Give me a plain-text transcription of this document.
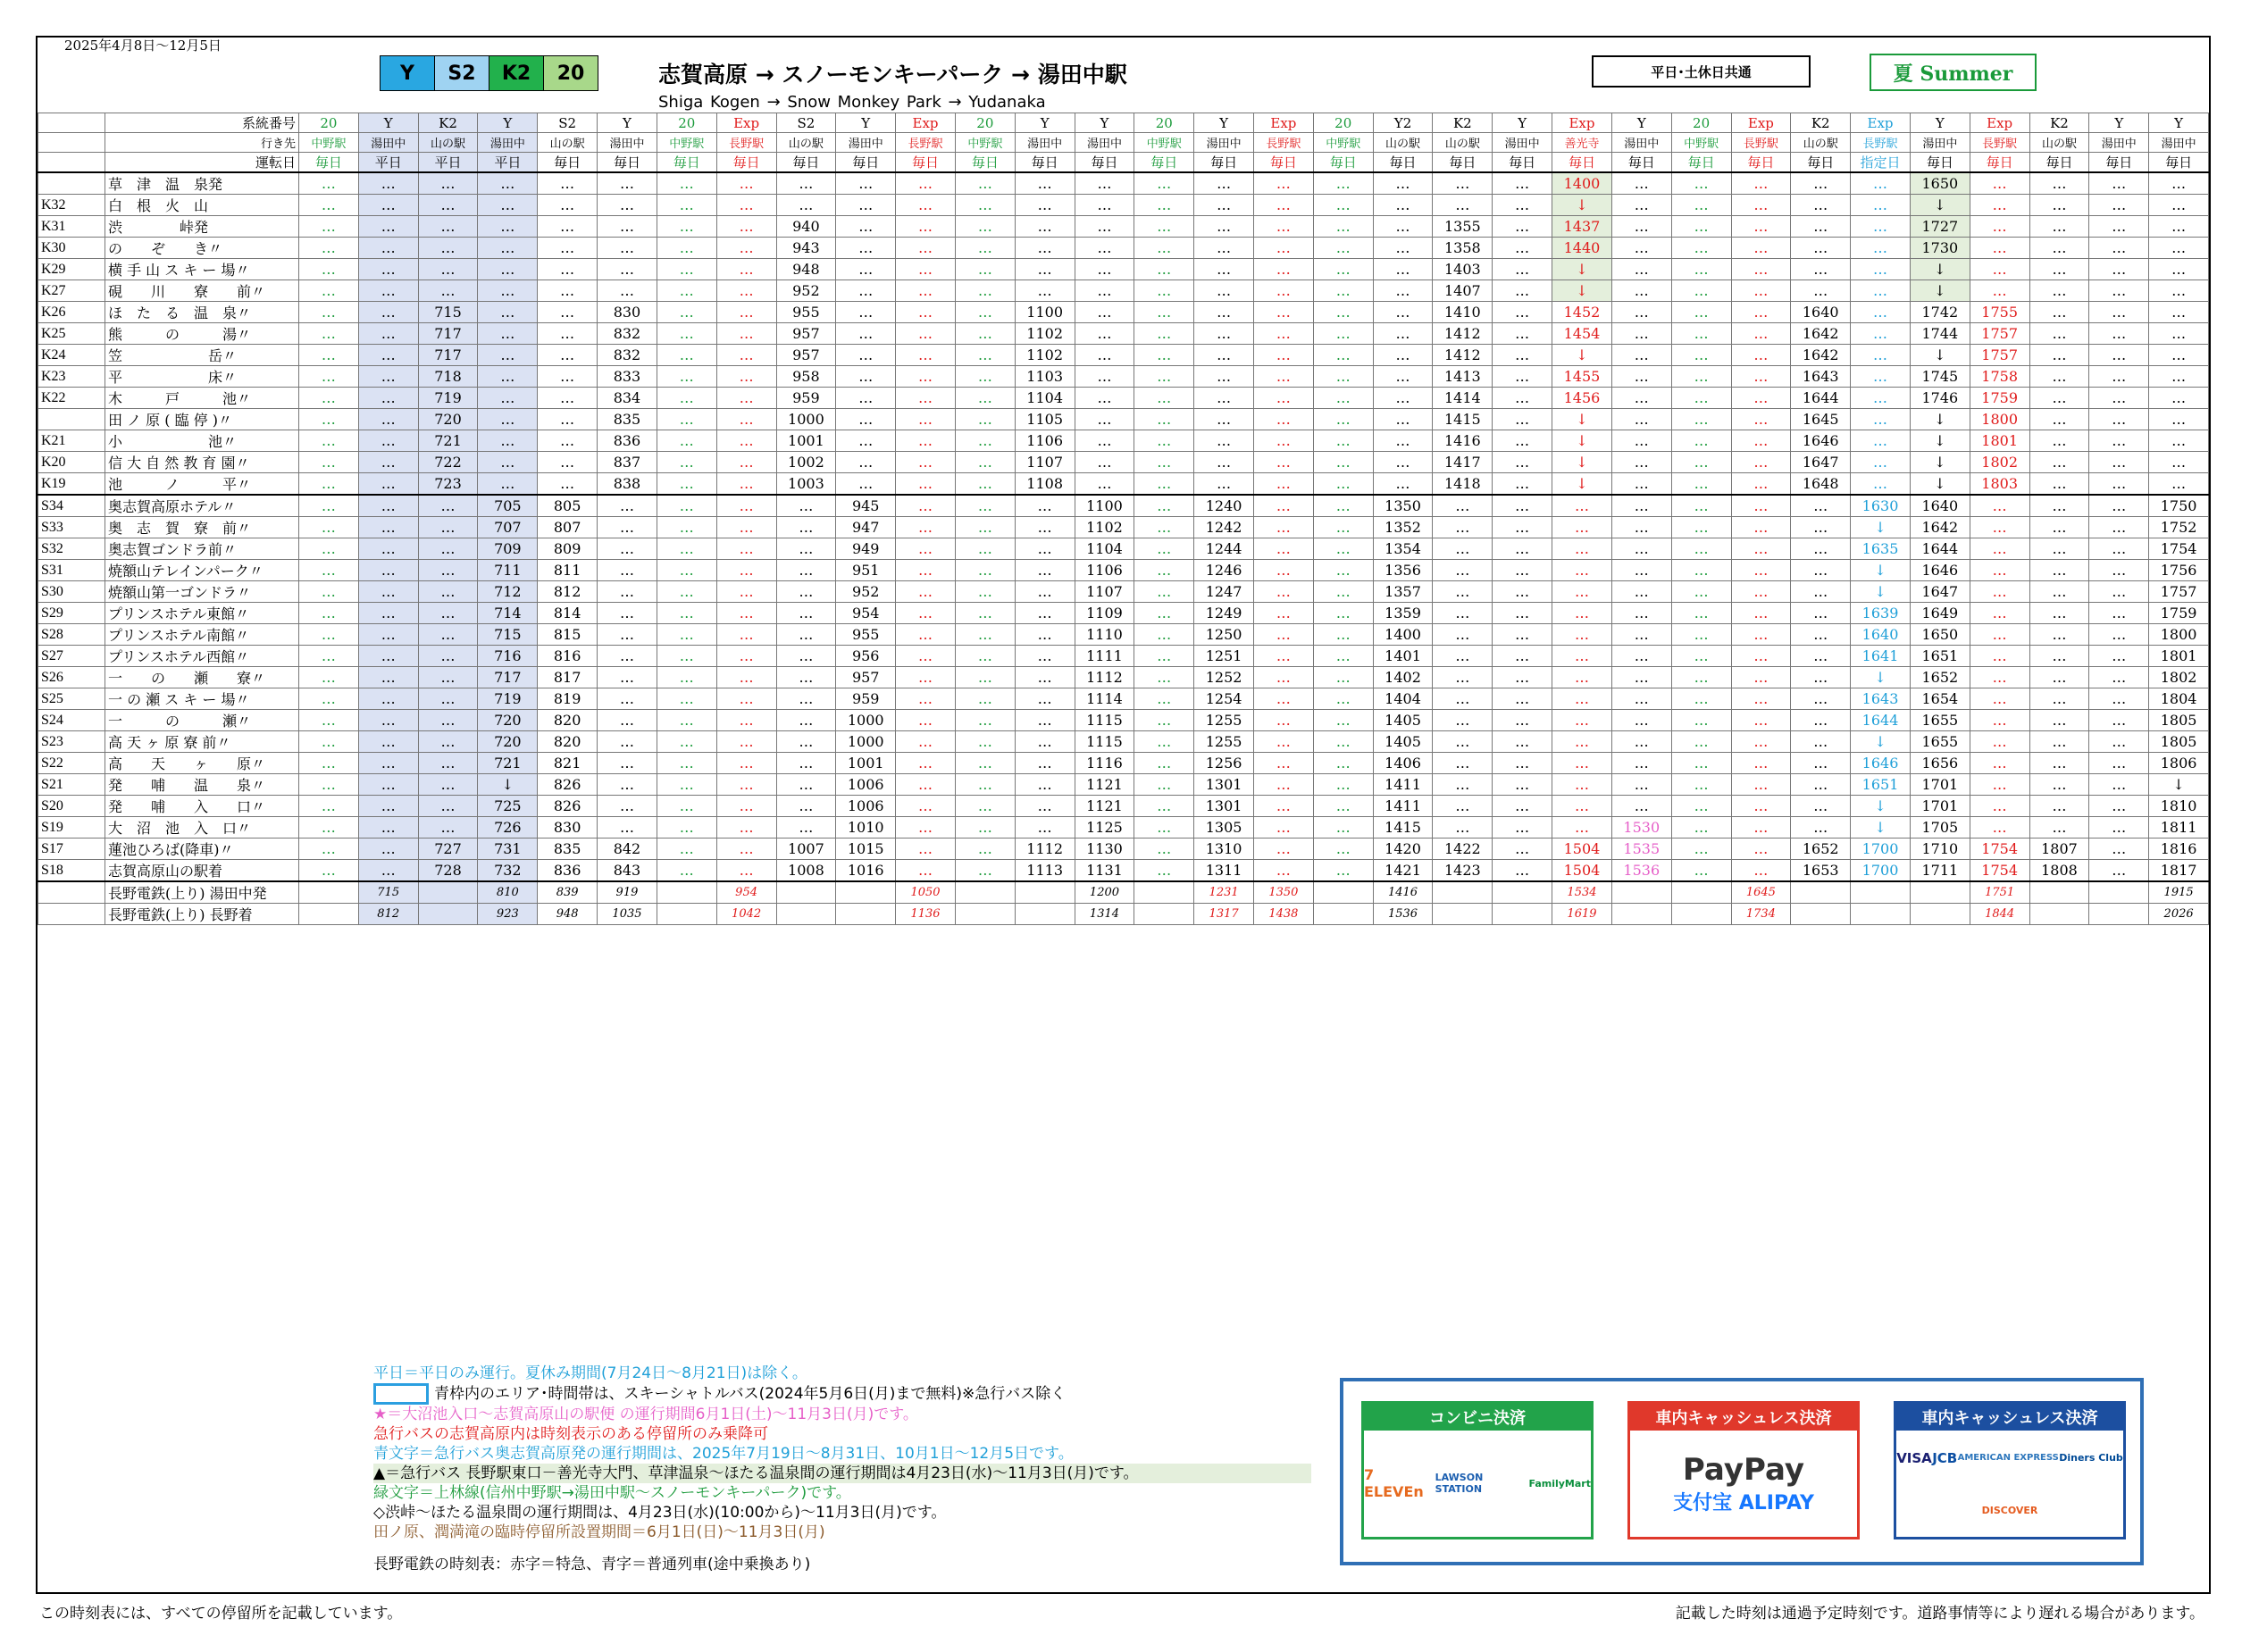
2025年4月8日～12月5日
Y	S2	K2	20	志賀高原 → スノーモンキーパーク → 湯田中駅
Shiga Kogen → Snow Monkey Park → Yudanaka
平日･土休日共通	夏 Summer
	系統番号	20	Y	K2	Y	S2	Y	20	Exp	S2	Y	Exp	20	Y	Y	20	Y	Exp	20	Y2	K2	Y	Exp	Y	20	Exp	K2	Exp	Y	Exp	K2	Y	Y
	行き先	中野駅	湯田中	山の駅	湯田中	山の駅	湯田中	中野駅	長野駅	山の駅	湯田中	長野駅	中野駅	湯田中	湯田中	中野駅	湯田中	長野駅	中野駅	山の駅	山の駅	湯田中	善光寺	湯田中	中野駅	長野駅	山の駅	長野駅	湯田中	長野駅	山の駅	湯田中	湯田中
	運転日	毎日	平日	平日	平日	毎日	毎日	毎日	毎日	毎日	毎日	毎日	毎日	毎日	毎日	毎日	毎日	毎日	毎日	毎日	毎日	毎日	毎日	毎日	毎日	毎日	毎日	指定日	毎日	毎日	毎日	毎日	毎日
	草　津　温　泉発	…	…	…	…	…	…	…	…	…	…	…	…	…	…	…	…	…	…	…	…	…	1400	…	…	…	…	…	1650	…	…	…	…
K32	白　根　火　山	…	…	…	…	…	…	…	…	…	…	…	…	…	…	…	…	…	…	…	…	…	↓	…	…	…	…	…	↓	…	…	…	…
K31	渋　　　　峠発	…	…	…	…	…	…	…	…	940	…	…	…	…	…	…	…	…	…	…	1355	…	1437	…	…	…	…	…	1727	…	…	…	…
K30	の　　ぞ　　き〃	…	…	…	…	…	…	…	…	943	…	…	…	…	…	…	…	…	…	…	1358	…	1440	…	…	…	…	…	1730	…	…	…	…
K29	横 手 山 ス キ ー 場〃	…	…	…	…	…	…	…	…	948	…	…	…	…	…	…	…	…	…	…	1403	…	↓	…	…	…	…	…	↓	…	…	…	…
K27	硯　　川　　寮　　前〃	…	…	…	…	…	…	…	…	952	…	…	…	…	…	…	…	…	…	…	1407	…	↓	…	…	…	…	…	↓	…	…	…	…
K26	ほ　た　る　温　泉〃	…	…	715	…	…	830	…	…	955	…	…	…	1100	…	…	…	…	…	…	1410	…	1452	…	…	…	1640	…	1742	1755	…	…	…
K25	熊　　　の　　　湯〃	…	…	717	…	…	832	…	…	957	…	…	…	1102	…	…	…	…	…	…	1412	…	1454	…	…	…	1642	…	1744	1757	…	…	…
K24	笠　　　　　　岳〃	…	…	717	…	…	832	…	…	957	…	…	…	1102	…	…	…	…	…	…	1412	…	↓	…	…	…	1642	…	↓	1757	…	…	…
K23	平　　　　　　床〃	…	…	718	…	…	833	…	…	958	…	…	…	1103	…	…	…	…	…	…	1413	…	1455	…	…	…	1643	…	1745	1758	…	…	…
K22	木　　　戸　　　池〃	…	…	719	…	…	834	…	…	959	…	…	…	1104	…	…	…	…	…	…	1414	…	1456	…	…	…	1644	…	1746	1759	…	…	…
	田 ノ 原 ( 臨 停 )〃	…	…	720	…	…	835	…	…	1000	…	…	…	1105	…	…	…	…	…	…	1415	…	↓	…	…	…	1645	…	↓	1800	…	…	…
K21	小　　　　　　池〃	…	…	721	…	…	836	…	…	1001	…	…	…	1106	…	…	…	…	…	…	1416	…	↓	…	…	…	1646	…	↓	1801	…	…	…
K20	信 大 自 然 教 育 園〃	…	…	722	…	…	837	…	…	1002	…	…	…	1107	…	…	…	…	…	…	1417	…	↓	…	…	…	1647	…	↓	1802	…	…	…
K19	池　　　ノ　　　平〃	…	…	723	…	…	838	…	…	1003	…	…	…	1108	…	…	…	…	…	…	1418	…	↓	…	…	…	1648	…	↓	1803	…	…	…
S34	奥志賀高原ホテル〃	…	…	…	705	805	…	…	…	…	945	…	…	…	1100	…	1240	…	…	1350	…	…	…	…	…	…	…	1630	1640	…	…	…	1750
S33	奥　志　賀　寮　前〃	…	…	…	707	807	…	…	…	…	947	…	…	…	1102	…	1242	…	…	1352	…	…	…	…	…	…	…	↓	1642	…	…	…	1752
S32	奥志賀ゴンドラ前〃	…	…	…	709	809	…	…	…	…	949	…	…	…	1104	…	1244	…	…	1354	…	…	…	…	…	…	…	1635	1644	…	…	…	1754
S31	焼額山テレインパーク〃	…	…	…	711	811	…	…	…	…	951	…	…	…	1106	…	1246	…	…	1356	…	…	…	…	…	…	…	↓	1646	…	…	…	1756
S30	焼額山第一ゴンドラ〃	…	…	…	712	812	…	…	…	…	952	…	…	…	1107	…	1247	…	…	1357	…	…	…	…	…	…	…	↓	1647	…	…	…	1757
S29	プリンスホテル東館〃	…	…	…	714	814	…	…	…	…	954	…	…	…	1109	…	1249	…	…	1359	…	…	…	…	…	…	…	1639	1649	…	…	…	1759
S28	プリンスホテル南館〃	…	…	…	715	815	…	…	…	…	955	…	…	…	1110	…	1250	…	…	1400	…	…	…	…	…	…	…	1640	1650	…	…	…	1800
S27	プリンスホテル西館〃	…	…	…	716	816	…	…	…	…	956	…	…	…	1111	…	1251	…	…	1401	…	…	…	…	…	…	…	1641	1651	…	…	…	1801
S26	一　　の　　瀬　　寮〃	…	…	…	717	817	…	…	…	…	957	…	…	…	1112	…	1252	…	…	1402	…	…	…	…	…	…	…	↓	1652	…	…	…	1802
S25	一 の 瀬 ス キ ー 場〃	…	…	…	719	819	…	…	…	…	959	…	…	…	1114	…	1254	…	…	1404	…	…	…	…	…	…	…	1643	1654	…	…	…	1804
S24	一　　　の　　　瀬〃	…	…	…	720	820	…	…	…	…	1000	…	…	…	1115	…	1255	…	…	1405	…	…	…	…	…	…	…	1644	1655	…	…	…	1805
S23	高 天 ヶ 原 寮 前〃	…	…	…	720	820	…	…	…	…	1000	…	…	…	1115	…	1255	…	…	1405	…	…	…	…	…	…	…	↓	1655	…	…	…	1805
S22	高　　天　　ヶ　　原〃	…	…	…	721	821	…	…	…	…	1001	…	…	…	1116	…	1256	…	…	1406	…	…	…	…	…	…	…	1646	1656	…	…	…	1806
S21	発　　哺　　温　　泉〃	…	…	…	↓	826	…	…	…	…	1006	…	…	…	1121	…	1301	…	…	1411	…	…	…	…	…	…	…	1651	1701	…	…	…	↓
S20	発　　哺　　入　　口〃	…	…	…	725	826	…	…	…	…	1006	…	…	…	1121	…	1301	…	…	1411	…	…	…	…	…	…	…	↓	1701	…	…	…	1810
S19	大　沼　池　入　口〃	…	…	…	726	830	…	…	…	…	1010	…	…	…	1125	…	1305	…	…	1415	…	…	…	1530	…	…	…	↓	1705	…	…	…	1811
S17	蓮池ひろば(降車)〃	…	…	727	731	835	842	…	…	1007	1015	…	…	1112	1130	…	1310	…	…	1420	1422	…	1504	1535	…	…	1652	1700	1710	1754	1807	…	1816
S18	志賀高原山の駅着	…	…	728	732	836	843	…	…	1008	1016	…	…	1113	1131	…	1311	…	…	1421	1423	…	1504	1536	…	…	1653	1700	1711	1754	1808	…	1817
	長野電鉄(上り) 湯田中発		715		810	839	919		954			1050			1200		1231	1350		1416			1534			1645				1751			1915
	長野電鉄(上り) 長野着		812		923	948	1035		1042			1136			1314		1317	1438		1536			1619			1734				1844			2026
平日＝平日のみ運行。夏休み期間(7月24日～8月21日)は除く。
青枠内のエリア･時間帯は、スキーシャトルバス(2024年5月6日(月)まで無料)※急行バス除く
★＝大沼池入口～志賀高原山の駅便 の運行期間6月1日(土)～11月3日(月)です。
急行バスの志賀高原内は時刻表示のある停留所のみ乗降可
青文字＝急行バス奥志賀高原発の運行期間は、2025年7月19日～8月31日、10月1日～12月5日です。
▲＝急行バス 長野駅東口－善光寺大門、草津温泉～ほたる温泉間の運行期間は4月23日(水)～11月3日(月)です。
緑文字＝上林線(信州中野駅→湯田中駅～スノーモンキーパーク)です。
◇渋峠～ほたる温泉間の運行期間は、4月23日(水)(10:00から)～11月3日(月)です。
田ノ原、潤満滝の臨時停留所設置期間＝6月1日(日)～11月3日(月)
長野電鉄の時刻表：赤字＝特急、青字＝普通列車(途中乗換あり)
コンビニ決済
7 ELEVEn
LAWSON STATION	FamilyMart
車内キャッシュレス決済
PayPay
支付宝 ALIPAY
車内キャッシュレス決済
VISA JCB AMERICAN EXPRESS Diners Club
DISCOVER
この時刻表には、すべての停留所を記載しています。	記載した時刻は通過予定時刻です。道路事情等により遅れる場合があります。
